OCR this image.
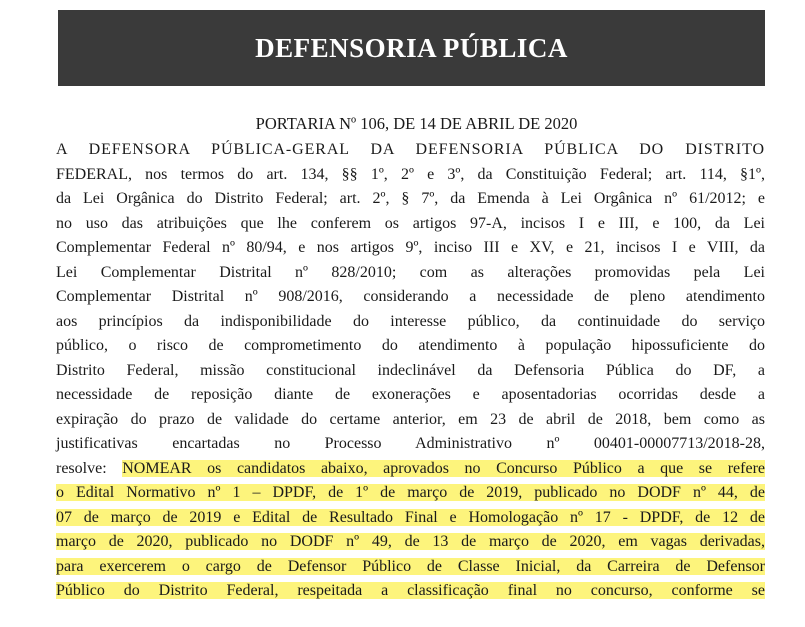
DEFENSORIA PÚBLICA
PORTARIA Nº 106, DE 14 DE ABRIL DE 2020
A DEFENSORA PÚBLICA-GERAL DA DEFENSORIA PÚBLICA DO DISTRITO
FEDERAL, nos termos do art. 134, §§ 1º, 2º e 3º, da Constituição Federal; art. 114, §1º,
da Lei Orgânica do Distrito Federal; art. 2º, § 7º, da Emenda à Lei Orgânica nº 61/2012; e
no uso das atribuições que lhe conferem os artigos 97-A, incisos I e III, e 100, da Lei
Complementar Federal nº 80/94, e nos artigos 9º, inciso III e XV, e 21, incisos I e VIII, da
Lei Complementar Distrital nº 828/2010; com as alterações promovidas pela Lei
Complementar Distrital nº 908/2016, considerando a necessidade de pleno atendimento
aos princípios da indisponibilidade do interesse público, da continuidade do serviço
público, o risco de comprometimento do atendimento à população hipossuficiente do
Distrito Federal, missão constitucional indeclinável da Defensoria Pública do DF, a
necessidade de reposição diante de exonerações e aposentadorias ocorridas desde a
expiração do prazo de validade do certame anterior, em 23 de abril de 2018, bem como as
justificativas encartadas no Processo Administrativo nº 00401-00007713/2018-28,
resolve: NOMEAR os candidatos abaixo, aprovados no Concurso Público a que se refere
o Edital Normativo nº 1 – DPDF, de 1º de março de 2019, publicado no DODF nº 44, de
07 de março de 2019 e Edital de Resultado Final e Homologação nº 17 - DPDF, de 12 de
março de 2020, publicado no DODF nº 49, de 13 de março de 2020, em vagas derivadas,
para exercerem o cargo de Defensor Público de Classe Inicial, da Carreira de Defensor
Público do Distrito Federal, respeitada a classificação final no concurso, conforme se
